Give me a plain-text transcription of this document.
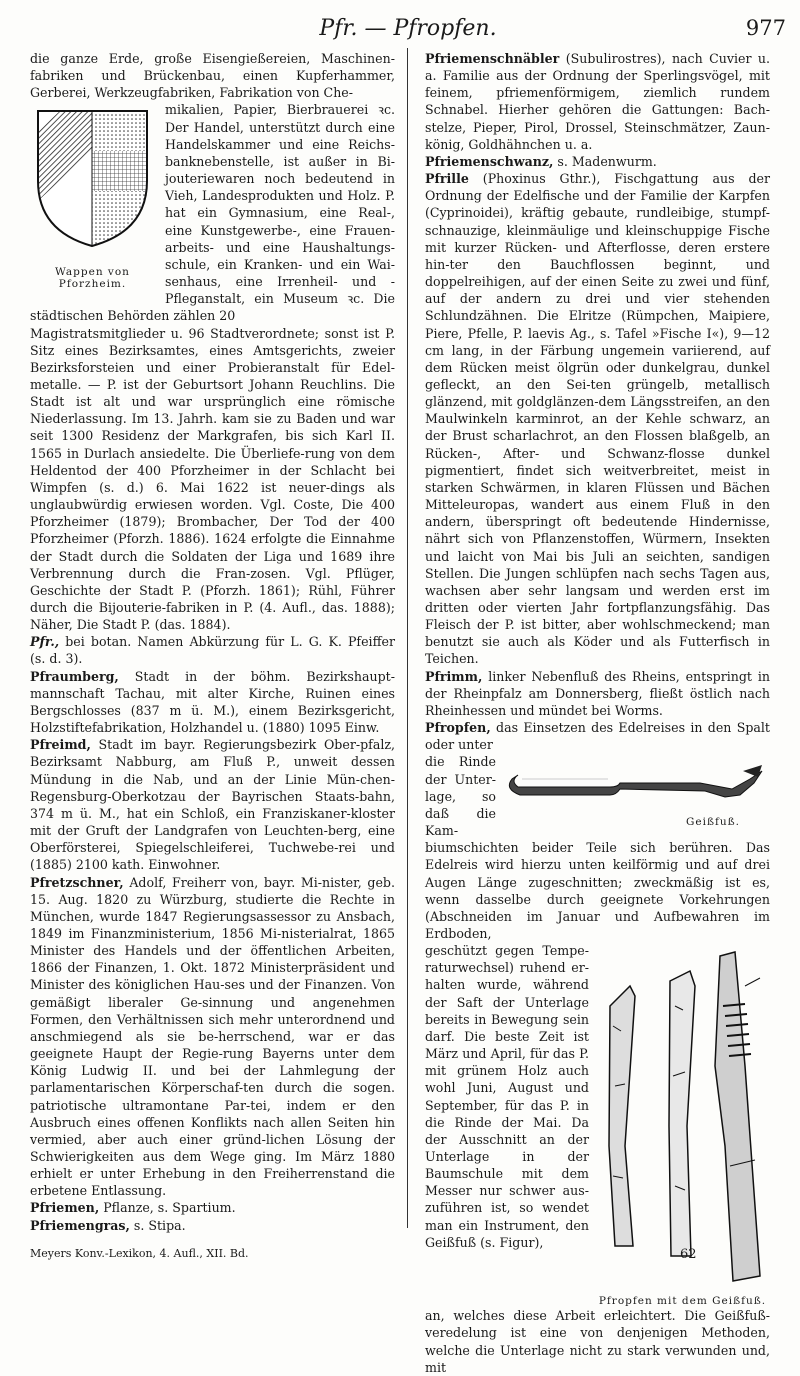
Pfr. — Pfropfen.	977

die ganze Erde, große Eisengießereien, Maschinen-fabriken und Brückenbau, einen Kupferhammer, Gerberei, Werkzeugfabriken, Fabrikation von Che-

Wappen von
Pforzheim.

mikalien, Papier, Bierbrauerei ꝛc. Der Handel, unterstützt durch eine Handelskammer und eine Reichs-banknebenstelle, ist außer in Bi-jouteriewaren noch bedeutend in Vieh, Landesprodukten und Holz. P. hat ein Gymnasium, eine Real-, eine Kunstgewerbe-, eine Frauen-arbeits- und eine Haushaltungs-schule, ein Kranken- und ein Wai-senhaus, eine Irrenheil- und -Pfleganstalt, ein Museum ꝛc. Die städtischen Behörden zählen 20

Magistratsmitglieder u. 96 Stadtverordnete; sonst ist P. Sitz eines Bezirksamtes, eines Amtsgerichts, zweier Bezirksforsteien und einer Probieranstalt für Edel-metalle. — P. ist der Geburtsort Johann Reuchlins. Die Stadt ist alt und war ursprünglich eine römische Niederlassung. Im 13. Jahrh. kam sie zu Baden und war seit 1300 Residenz der Markgrafen, bis sich Karl II. 1565 in Durlach ansiedelte. Die Überliefe-rung von dem Heldentod der 400 Pforzheimer in der Schlacht bei Wimpfen (s. d.) 6. Mai 1622 ist neuer-dings als unglaubwürdig erwiesen worden. Vgl. Coste, Die 400 Pforzheimer (1879); Brombacher, Der Tod der 400 Pforzheimer (Pforzh. 1886). 1624 erfolgte die Einnahme der Stadt durch die Soldaten der Liga und 1689 ihre Verbrennung durch die Fran-zosen. Vgl. Pflüger, Geschichte der Stadt P. (Pforzh. 1861); Rühl, Führer durch die Bijouterie-fabriken in P. (4. Aufl., das. 1888); Näher, Die Stadt P. (das. 1884).

Pfr., bei botan. Namen Abkürzung für L. G. K. Pfeiffer (s. d. 3).

Pfraumberg, Stadt in der böhm. Bezirkshaupt-mannschaft Tachau, mit alter Kirche, Ruinen eines Bergschlosses (837 m ü. M.), einem Bezirksgericht, Holzstiftefabrikation, Holzhandel u. (1880) 1095 Einw.

Pfreimd, Stadt im bayr. Regierungsbezirk Ober-pfalz, Bezirksamt Nabburg, am Fluß P., unweit dessen Mündung in die Nab, und an der Linie Mün-chen-Regensburg-Oberkotzau der Bayrischen Staats-bahn, 374 m ü. M., hat ein Schloß, ein Franziskaner-kloster mit der Gruft der Landgrafen von Leuchten-berg, eine Oberförsterei, Spiegelschleiferei, Tuchwebe-rei und (1885) 2100 kath. Einwohner.

Pfretzschner, Adolf, Freiherr von, bayr. Mi-nister, geb. 15. Aug. 1820 zu Würzburg, studierte die Rechte in München, wurde 1847 Regierungsassessor zu Ansbach, 1849 im Finanzministerium, 1856 Mi-nisterialrat, 1865 Minister des Handels und der öffentlichen Arbeiten, 1866 der Finanzen, 1. Okt. 1872 Ministerpräsident und Minister des königlichen Hau-ses und der Finanzen. Von gemäßigt liberaler Ge-sinnung und angenehmen Formen, den Verhältnissen sich mehr unterordnend und anschmiegend als sie be-herrschend, war er das geeignete Haupt der Regie-rung Bayerns unter dem König Ludwig II. und bei der Lahmlegung der parlamentarischen Körperschaf-ten durch die sogen. patriotische ultramontane Par-tei, indem er den Ausbruch eines offenen Konflikts nach allen Seiten hin vermied, aber auch einer gründ-lichen Lösung der Schwierigkeiten aus dem Wege ging. Im März 1880 erhielt er unter Erhebung in den Freiherrenstand die erbetene Entlassung.

Pfriemen, Pflanze, s. Spartium.

Pfriemengras, s. Stipa.

Pfriemenschnäbler (Subulirostres), nach Cuvier u. a. Familie aus der Ordnung der Sperlingsvögel, mit feinem, pfriemenförmigem, ziemlich rundem Schnabel. Hierher gehören die Gattungen: Bach-stelze, Pieper, Pirol, Drossel, Steinschmätzer, Zaun-könig, Goldhähnchen u. a.

Pfriemenschwanz, s. Madenwurm.

Pfrille (Phoxinus Gthr.), Fischgattung aus der Ordnung der Edelfische und der Familie der Karpfen (Cyprinoidei), kräftig gebaute, rundleibige, stumpf-schnauzige, kleinmäulige und kleinschuppige Fische mit kurzer Rücken- und Afterflosse, deren erstere hin-ter den Bauchflossen beginnt, und doppelreihigen, auf der einen Seite zu zwei und fünf, auf der andern zu drei und vier stehenden Schlundzähnen. Die Elritze (Rümpchen, Maipiere, Piere, Pfelle, P. laevis Ag., s. Tafel »Fische I«), 9—12 cm lang, in der Färbung ungemein variierend, auf dem Rücken meist ölgrün oder dunkelgrau, dunkel gefleckt, an den Sei-ten grüngelb, metallisch glänzend, mit goldglänzen-dem Längsstreifen, an den Maulwinkeln karminrot, an der Kehle schwarz, an der Brust scharlachrot, an den Flossen blaßgelb, an Rücken-, After- und Schwanz-flosse dunkel pigmentiert, findet sich weitverbreitet, meist in starken Schwärmen, in klaren Flüssen und Bächen Mitteleuropas, wandert aus einem Fluß in den andern, überspringt oft bedeutende Hindernisse, nährt sich von Pflanzenstoffen, Würmern, Insekten und laicht von Mai bis Juli an seichten, sandigen Stellen. Die Jungen schlüpfen nach sechs Tagen aus, wachsen aber sehr langsam und werden erst im dritten oder vierten Jahr fortpflanzungsfähig. Das Fleisch der P. ist bitter, aber wohlschmeckend; man benutzt sie auch als Köder und als Futterfisch in Teichen.

Pfrimm, linker Nebenfluß des Rheins, entspringt in der Rheinpfalz am Donnersberg, fließt östlich nach Rheinhessen und mündet bei Worms.

Pfropfen, das Einsetzen des Edelreises in den Spalt oder unter

Geißfuß.

die Rinde der Unter-lage, so daß die Kam-

biumschichten beider Teile sich berühren. Das Edelreis wird hierzu unten keilförmig und auf drei Augen Länge zugeschnitten; zweckmäßig ist es, wenn dasselbe durch geeignete Vorkehrungen (Abschneiden im Januar und Aufbewahren im Erdboden,

Pfropfen mit dem Geißfuß.

geschützt gegen Tempe-raturwechsel) ruhend er-halten wurde, während der Saft der Unterlage bereits in Bewegung sein darf. Die beste Zeit ist März und April, für das P. mit grünem Holz auch wohl Juni, August und September, für das P. in die Rinde der Mai. Da der Ausschnitt an der Unterlage in der Baumschule mit dem Messer nur schwer aus-zuführen ist, so wendet man ein Instrument, den Geißfuß (s. Figur),

an, welches diese Arbeit erleichtert. Die Geißfuß-veredelung ist eine von denjenigen Methoden, welche die Unterlage nicht zu stark verwunden und, mit

Meyers Konv.-Lexikon, 4. Aufl., XII. Bd.	62
